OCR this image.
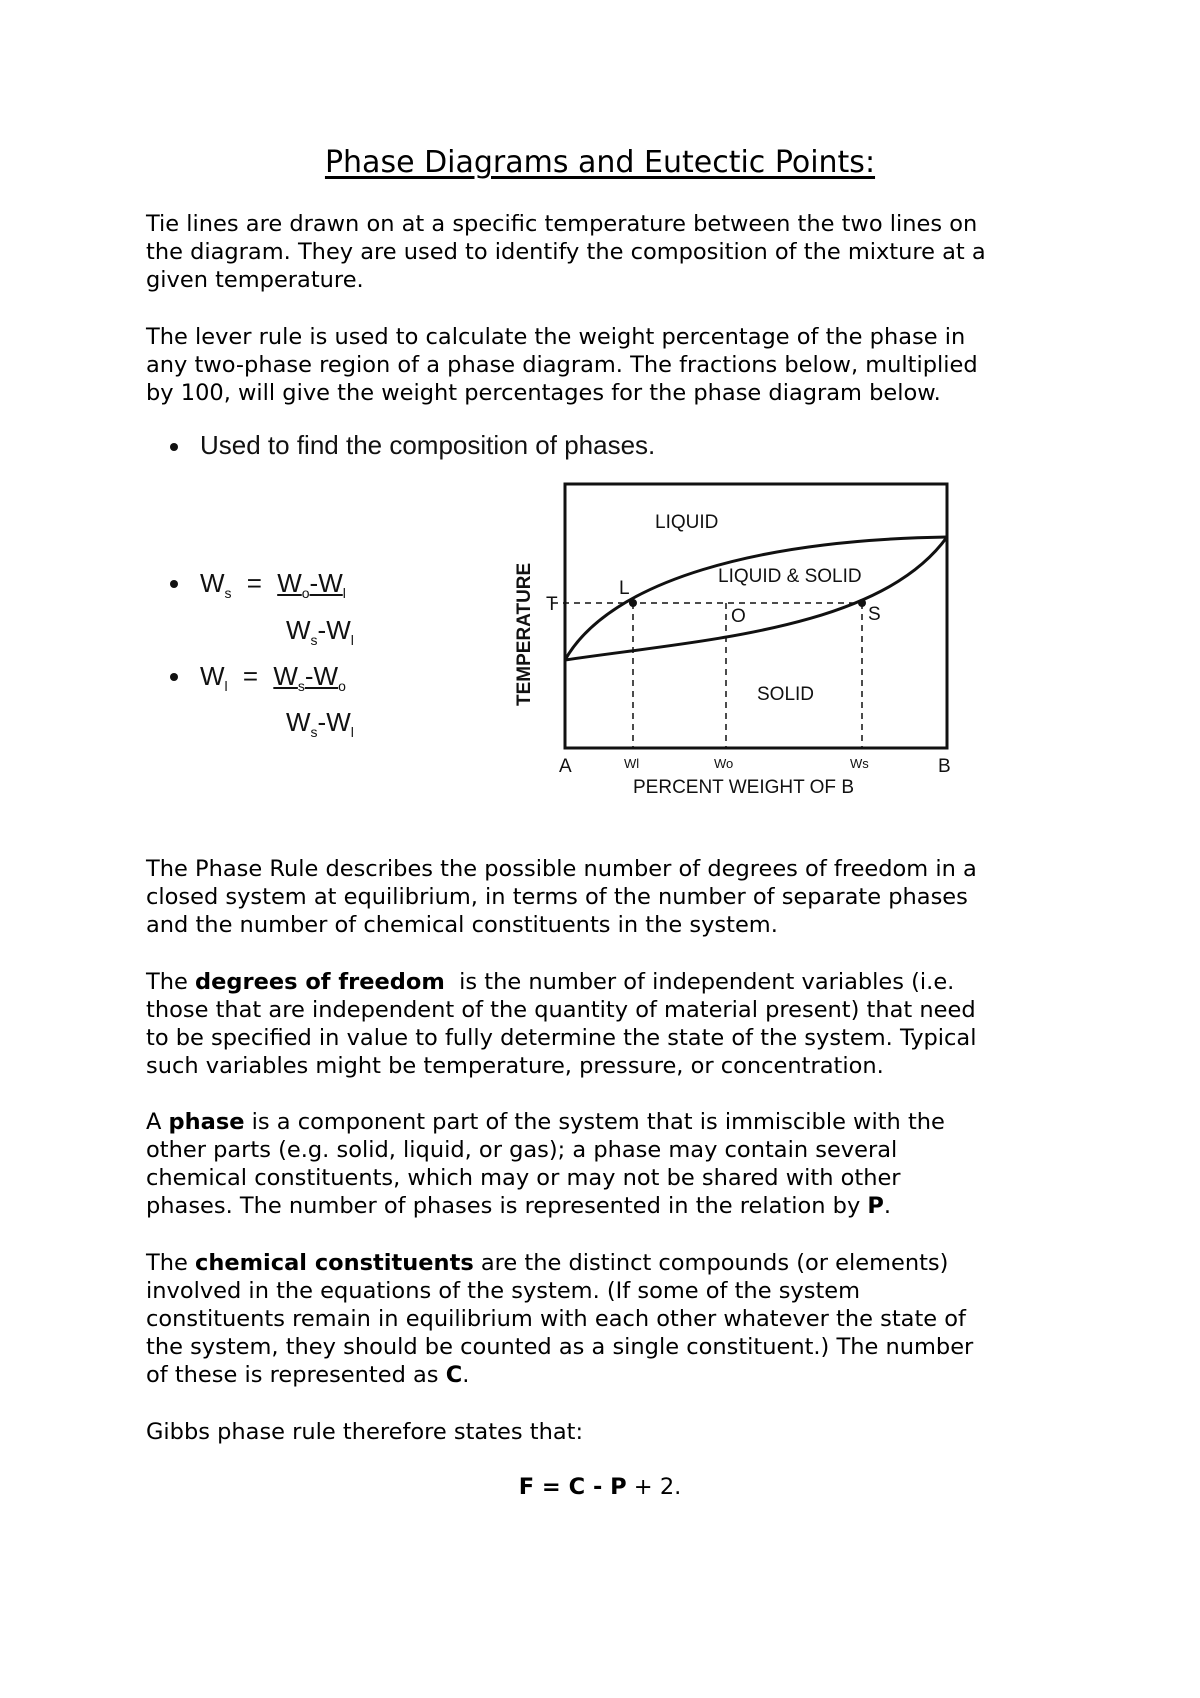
Phase Diagrams and Eutectic Points:
Tie lines are drawn on at a specific temperature between the two lines on
the diagram. They are used to identify the composition of the mixture at a
given temperature.
The lever rule is used to calculate the weight percentage of the phase in
any two-phase region of a phase diagram. The fractions below, multiplied
by 100, will give the weight percentages for the phase diagram below.
Used to find the composition of phases.
$W_s = W_o-W_l$
$W_s-W_l$
$W_l = W_s-W_o$
$W_s-W_l$
LIQUID
LIQUID & SOLID
SOLID
L
O	S
T
TEMPERATURE
A	B
Wl	Wo	Ws
PERCENT WEIGHT OF B
The Phase Rule describes the possible number of degrees of freedom in a
closed system at equilibrium, in terms of the number of separate phases
and the number of chemical constituents in the system.
The degrees of freedom  is the number of independent variables (i.e.
those that are independent of the quantity of material present) that need
to be specified in value to fully determine the state of the system. Typical
such variables might be temperature, pressure, or concentration.
A phase is a component part of the system that is immiscible with the
other parts (e.g. solid, liquid, or gas); a phase may contain several
chemical constituents, which may or may not be shared with other
phases. The number of phases is represented in the relation by P.
The chemical constituents are the distinct compounds (or elements)
involved in the equations of the system. (If some of the system
constituents remain in equilibrium with each other whatever the state of
the system, they should be counted as a single constituent.) The number
of these is represented as C.
Gibbs phase rule therefore states that:
F = C - P + 2.
